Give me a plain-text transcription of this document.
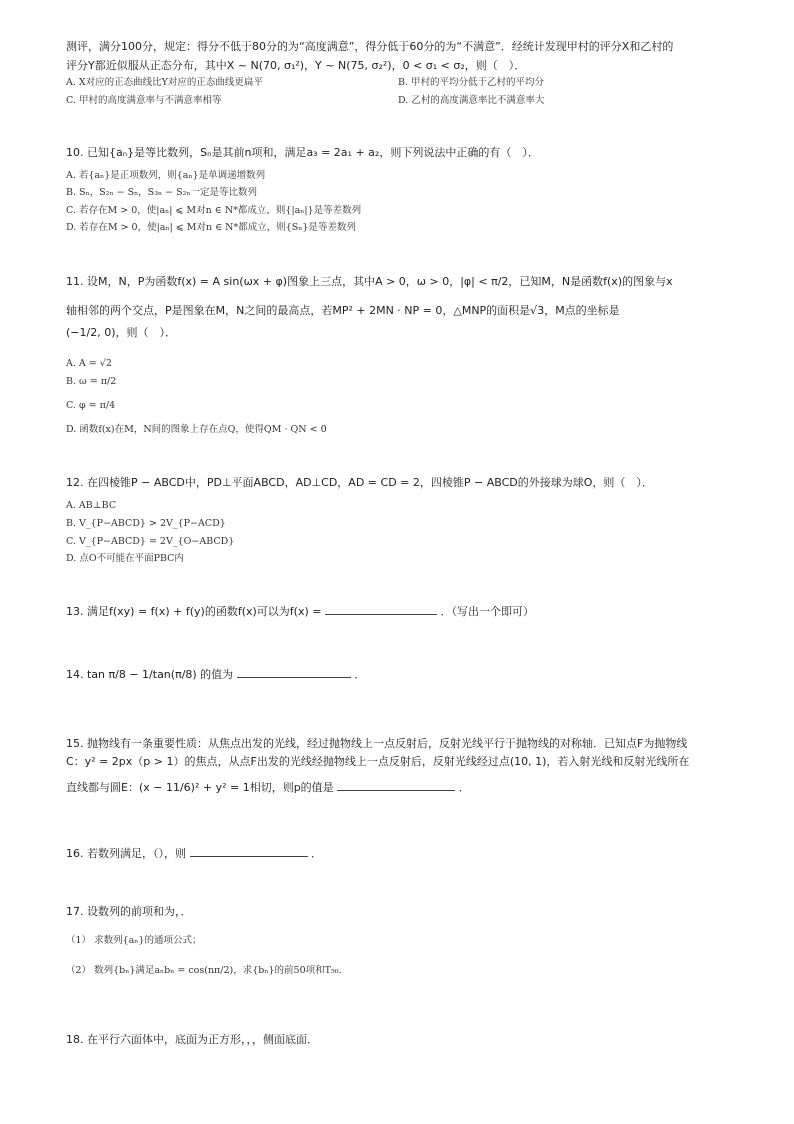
测评，满分100分，规定：得分不低于80分的为“高度满意”，得分低于60分的为“不满意”．经统计发现甲村的评分X和乙村的
评分Y都近似服从正态分布，其中X ~ N(70, σ₁²)，Y ~ N(75, σ₂²)，0 < σ₁ < σ₂，则（　）．
A. X对应的正态曲线比Y对应的正态曲线更扁平	B. 甲村的平均分低于乙村的平均分
C. 甲村的高度满意率与不满意率相等	D. 乙村的高度满意率比不满意率大
10. 已知{aₙ}是等比数列，Sₙ是其前n项和，满足a₃ = 2a₁ + a₂，则下列说法中正确的有（　）．
A. 若{aₙ}是正项数列，则{aₙ}是单调递增数列
B. Sₙ，S₂ₙ − Sₙ，S₃ₙ − S₂ₙ一定是等比数列
C. 若存在M > 0，使|aₙ| ⩽ M对n ∈ N*都成立，则{|aₙ|}是等差数列
D. 若存在M > 0，使|aₙ| ⩽ M对n ∈ N*都成立，则{Sₙ}是等差数列
11. 设M，N，P为函数f(x) = A sin(ωx + φ)图象上三点，其中A > 0，ω > 0，|φ| < π/2，已知M，N是函数f(x)的图象与x
轴相邻的两个交点，P是图象在M，N之间的最高点，若MP² + 2MN · NP = 0，△MNP的面积是√3，M点的坐标是
(−1/2, 0)，则（　）．
A. A = √2
B. ω = π/2
C. φ = π/4
D. 函数f(x)在M，N间的图象上存在点Q，使得QM · QN < 0
12. 在四棱锥P − ABCD中，PD⊥平面ABCD，AD⊥CD，AD = CD = 2，四棱锥P − ABCD的外接球为球O，则（　）．
A. AB⊥BC
B. V_{P−ABCD} > 2V_{P−ACD}
C. V_{P−ABCD} = 2V_{O−ABCD}
D. 点O不可能在平面PBC内
13. 满足f(xy) = f(x) + f(y)的函数f(x)可以为f(x) =	．（写出一个即可）
14. tan π/8 − 1/tan(π/8) 的值为	．
15. 抛物线有一条重要性质：从焦点出发的光线，经过抛物线上一点反射后，反射光线平行于抛物线的对称轴．已知点F为抛物线
C：y² = 2px（p > 1）的焦点，从点F出发的光线经抛物线上一点反射后，反射光线经过点(10, 1)，若入射光线和反射光线所在
直线都与圆E：(x − 11/6)² + y² = 1相切，则p的值是	．
16. 若数列满足，（），则	．
17. 设数列的前项和为，．
（1） 求数列{aₙ}的通项公式；
（2） 数列{bₙ}满足aₙbₙ = cos(nπ/2)，求{bₙ}的前50项和T₅₀．
18. 在平行六面体中，底面为正方形，，，侧面底面．
